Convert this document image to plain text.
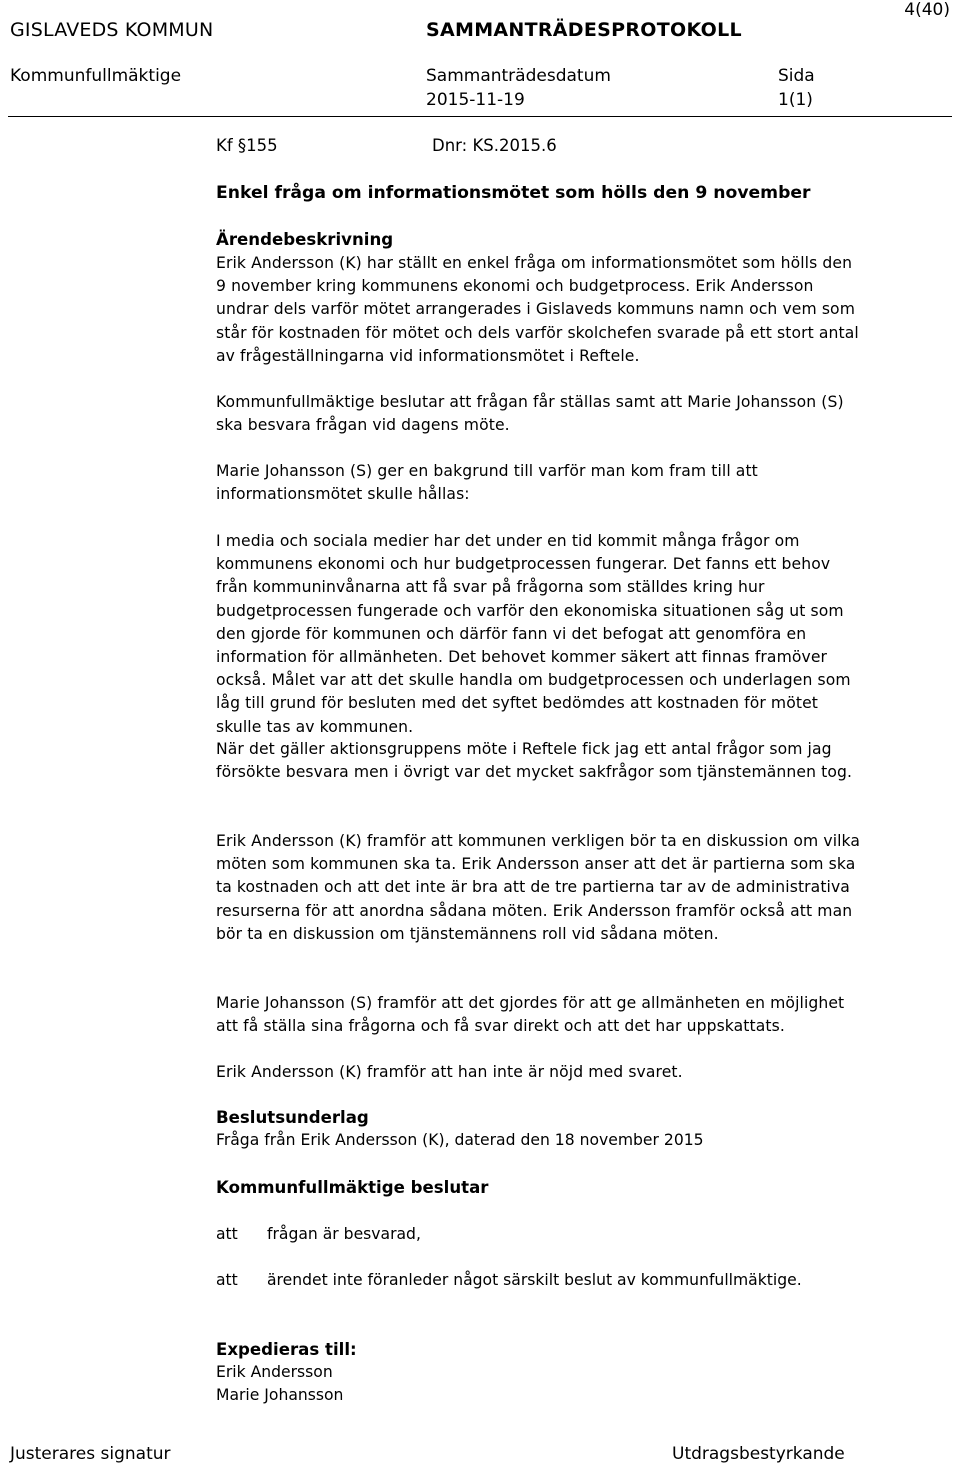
4(40)
GISLAVEDS KOMMUN	SAMMANTRÄDESPROTOKOLL
Kommunfullmäktige	Sammanträdesdatum
2015-11-19
Sida
1(1)
Kf §155	Dnr: KS.2015.6
Enkel fråga om informationsmötet som hölls den 9 november
Ärendebeskrivning

Erik Andersson (K) har ställt en enkel fråga om informationsmötet som hölls den 9 november kring kommunens ekonomi och budgetprocess. Erik Andersson undrar dels varför mötet arrangerades i Gislaveds kommuns namn och vem som står för kostnaden för mötet och dels varför skolchefen svarade på ett stort antal av frågeställningarna vid informationsmötet i Reftele.

Kommunfullmäktige beslutar att frågan får ställas samt att Marie Johansson (S) ska besvara frågan vid dagens möte.

Marie Johansson (S) ger en bakgrund till varför man kom fram till att informationsmötet skulle hållas:

I media och sociala medier har det under en tid kommit många frågor om kommunens ekonomi och hur budgetprocessen fungerar. Det fanns ett behov från kommuninvånarna att få svar på frågorna som ställdes kring hur budgetprocessen fungerade och varför den ekonomiska situationen såg ut som den gjorde för kommunen och därför fann vi det befogat att genomföra en information för allmänheten. Det behovet kommer säkert att finnas framöver också. Målet var att det skulle handla om budgetprocessen och underlagen som låg till grund för besluten med det syftet bedömdes att kostnaden för mötet skulle tas av kommunen.

När det gäller aktionsgruppens möte i Reftele fick jag ett antal frågor som jag försökte besvara men i övrigt var det mycket sakfrågor som tjänstemännen tog.

Erik Andersson (K) framför att kommunen verkligen bör ta en diskussion om vilka möten som kommunen ska ta. Erik Andersson anser att det är partierna som ska ta kostnaden och att det inte är bra att de tre partierna tar av de administrativa resurserna för att anordna sådana möten. Erik Andersson framför också att man bör ta en diskussion om tjänstemännens roll vid sådana möten.

Marie Johansson (S) framför att det gjordes för att ge allmänheten en möjlighet att få ställa sina frågorna och få svar direkt och att det har uppskattats.

Erik Andersson (K) framför att han inte är nöjd med svaret.

Beslutsunderlag
Fråga från Erik Andersson (K), daterad den 18 november 2015
Kommunfullmäktige beslutar
att frågan är besvarad,
att ärendet inte föranleder något särskilt beslut av kommunfullmäktige.
Expedieras till:
Erik Andersson
Marie Johansson
Justerares signatur	Utdragsbestyrkande
